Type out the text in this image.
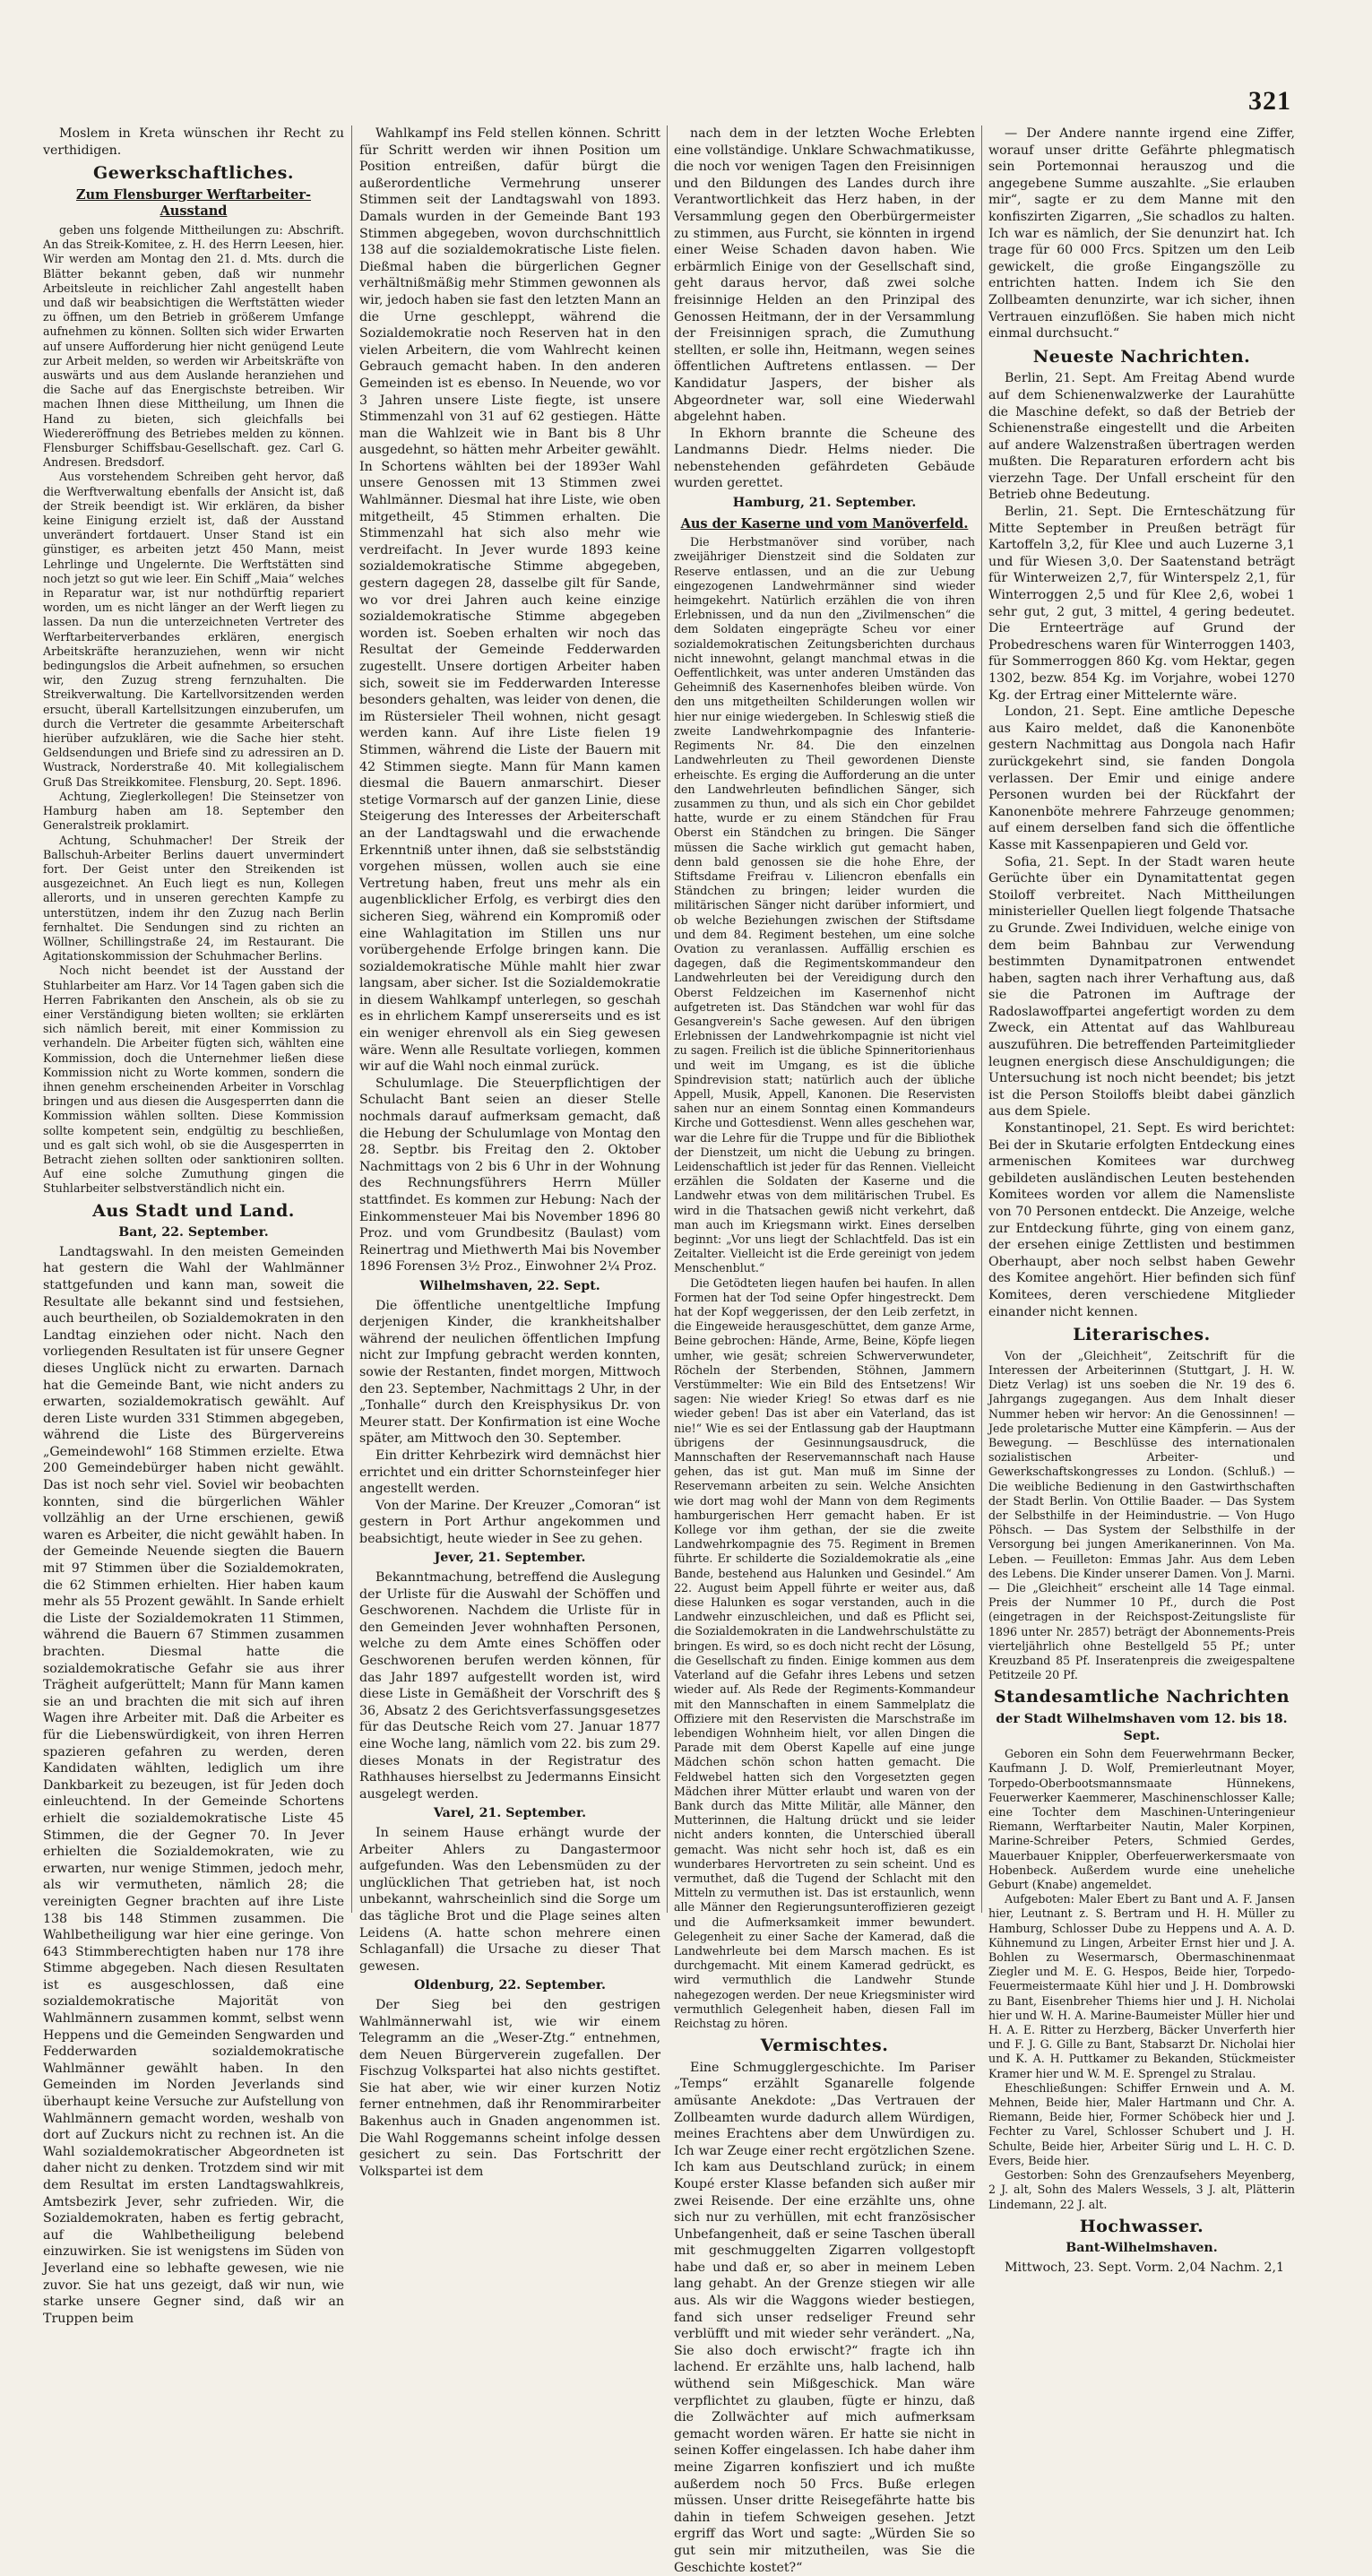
321

Moslem in Kreta wünschen ihr Recht zu verthidigen.

Gewerkschaftliches.
Zum Flensburger Werftarbeiter-Ausstand

geben uns folgende Mittheilungen zu: Abschrift. An das Streik-Komitee, z. H. des Herrn Leesen, hier. Wir werden am Montag den 21. d. Mts. durch die Blätter bekannt geben, daß wir nunmehr Arbeitsleute in reichlicher Zahl angestellt haben und daß wir beabsichtigen die Werftstätten wieder zu öffnen, um den Betrieb in größerem Umfange aufnehmen zu können. Sollten sich wider Erwarten auf unsere Aufforderung hier nicht genügend Leute zur Arbeit melden, so werden wir Arbeitskräfte von auswärts und aus dem Auslande heranziehen und die Sache auf das Energischste betreiben. Wir machen Ihnen diese Mittheilung, um Ihnen die Hand zu bieten, sich gleichfalls bei Wiedereröffnung des Betriebes melden zu können. Flensburger Schiffsbau-Gesellschaft. gez. Carl G. Andresen. Bredsdorf.

Aus vorstehendem Schreiben geht hervor, daß die Werftverwaltung ebenfalls der Ansicht ist, daß der Streik beendigt ist. Wir erklären, da bisher keine Einigung erzielt ist, daß der Ausstand unverändert fortdauert. Unser Stand ist ein günstiger, es arbeiten jetzt 450 Mann, meist Lehrlinge und Ungelernte. Die Werftstätten sind noch jetzt so gut wie leer. Ein Schiff „Maia“ welches in Reparatur war, ist nur nothdürftig repariert worden, um es nicht länger an der Werft liegen zu lassen. Da nun die unterzeichneten Vertreter des Werftarbeiterverbandes erklären, energisch Arbeitskräfte heranzuziehen, wenn wir nicht bedingungslos die Arbeit aufnehmen, so ersuchen wir, den Zuzug streng fernzuhalten. Die Streikverwaltung. Die Kartellvorsitzenden werden ersucht, überall Kartellsitzungen einzuberufen, um durch die Vertreter die gesammte Arbeiterschaft hierüber aufzuklären, wie die Sache hier steht. Geldsendungen und Briefe sind zu adressiren an D. Wustrack, Norderstraße 40. Mit kollegialischem Gruß Das Streikkomitee. Flensburg, 20. Sept. 1896.

Achtung, Zieglerkollegen! Die Steinsetzer von Hamburg haben am 18. September den Generalstreik proklamirt.

Achtung, Schuhmacher! Der Streik der Ballschuh-Arbeiter Berlins dauert unvermindert fort. Der Geist unter den Streikenden ist ausgezeichnet. An Euch liegt es nun, Kollegen allerorts, und in unseren gerechten Kampfe zu unterstützen, indem ihr den Zuzug nach Berlin fernhaltet. Die Sendungen sind zu richten an Wöllner, Schillingstraße 24, im Restaurant. Die Agitationskommission der Schuhmacher Berlins.

Noch nicht beendet ist der Ausstand der Stuhlarbeiter am Harz. Vor 14 Tagen gaben sich die Herren Fabrikanten den Anschein, als ob sie zu einer Verständigung bieten wollten; sie erklärten sich nämlich bereit, mit einer Kommission zu verhandeln. Die Arbeiter fügten sich, wählten eine Kommission, doch die Unternehmer ließen diese Kommission nicht zu Worte kommen, sondern die ihnen genehm erscheinenden Arbeiter in Vorschlag bringen und aus diesen die Ausgesperrten dann die Kommission wählen sollten. Diese Kommission sollte kompetent sein, endgültig zu beschließen, und es galt sich wohl, ob sie die Ausgesperrten in Betracht ziehen sollten oder sanktioniren sollten. Auf eine solche Zumuthung gingen die Stuhlarbeiter selbstverständlich nicht ein.

Aus Stadt und Land.
Bant, 22. September.

Landtagswahl. In den meisten Gemeinden hat gestern die Wahl der Wahlmänner stattgefunden und kann man, soweit die Resultate alle bekannt sind und festsiehen, auch beurtheilen, ob Sozialdemokraten in den Landtag einziehen oder nicht. Nach den vorliegenden Resultaten ist für unsere Gegner dieses Unglück nicht zu erwarten. Darnach hat die Gemeinde Bant, wie nicht anders zu erwarten, sozialdemokratisch gewählt. Auf deren Liste wurden 331 Stimmen abgegeben, während die Liste des Bürgervereins „Gemeindewohl“ 168 Stimmen erzielte. Etwa 200 Gemeindebürger haben nicht gewählt. Das ist noch sehr viel. Soviel wir beobachten konnten, sind die bürgerlichen Wähler vollzählig an der Urne erschienen, gewiß waren es Arbeiter, die nicht gewählt haben. In der Gemeinde Neuende siegten die Bauern mit 97 Stimmen über die Sozialdemokraten, die 62 Stimmen erhielten. Hier haben kaum mehr als 55 Prozent gewählt. In Sande erhielt die Liste der Sozialdemokraten 11 Stimmen, während die Bauern 67 Stimmen zusammen brachten. Diesmal hatte die sozialdemokratische Gefahr sie aus ihrer Trägheit aufgerüttelt; Mann für Mann kamen sie an und brachten die mit sich auf ihren Wagen ihre Arbeiter mit. Daß die Arbeiter es für die Liebenswürdigkeit, von ihren Herren spazieren gefahren zu werden, deren Kandidaten wählten, lediglich um ihre Dankbarkeit zu bezeugen, ist für Jeden doch einleuchtend. In der Gemeinde Schortens erhielt die sozialdemokratische Liste 45 Stimmen, die der Gegner 70. In Jever erhielten die Sozialdemokraten, wie zu erwarten, nur wenige Stimmen, jedoch mehr, als wir vermutheten, nämlich 28; die vereinigten Gegner brachten auf ihre Liste 138 bis 148 Stimmen zusammen. Die Wahlbetheiligung war hier eine geringe. Von 643 Stimmberechtigten haben nur 178 ihre Stimme abgegeben. Nach diesen Resultaten ist es ausgeschlossen, daß eine sozialdemokratische Majorität von Wahlmännern zusammen kommt, selbst wenn Heppens und die Gemeinden Sengwarden und Fedderwarden sozialdemokratische Wahlmänner gewählt haben. In den Gemeinden im Norden Jeverlands sind überhaupt keine Versuche zur Aufstellung von Wahlmännern gemacht worden, weshalb von dort auf Zuckurs nicht zu rechnen ist. An die Wahl sozialdemokratischer Abgeordneten ist daher nicht zu denken. Trotzdem sind wir mit dem Resultat im ersten Landtagswahlkreis, Amtsbezirk Jever, sehr zufrieden. Wir, die Sozialdemokraten, haben es fertig gebracht, auf die Wahlbetheiligung belebend einzuwirken. Sie ist wenigstens im Süden von Jeverland eine so lebhafte gewesen, wie nie zuvor. Sie hat uns gezeigt, daß wir nun, wie starke unsere Gegner sind, daß wir an Truppen beim

Wahlkampf ins Feld stellen können. Schritt für Schritt werden wir ihnen Position um Position entreißen, dafür bürgt die außerordentliche Vermehrung unserer Stimmen seit der Landtagswahl von 1893. Damals wurden in der Gemeinde Bant 193 Stimmen abgegeben, wovon durchschnittlich 138 auf die sozialdemokratische Liste fielen. Dießmal haben die bürgerlichen Gegner verhältnißmäßig mehr Stimmen gewonnen als wir, jedoch haben sie fast den letzten Mann an die Urne geschleppt, während die Sozialdemokratie noch Reserven hat in den vielen Arbeitern, die vom Wahlrecht keinen Gebrauch gemacht haben. In den anderen Gemeinden ist es ebenso. In Neuende, wo vor 3 Jahren unsere Liste fiegte, ist unsere Stimmenzahl von 31 auf 62 gestiegen. Hätte man die Wahlzeit wie in Bant bis 8 Uhr ausgedehnt, so hätten mehr Arbeiter gewählt. In Schortens wählten bei der 1893er Wahl unsere Genossen mit 13 Stimmen zwei Wahlmänner. Diesmal hat ihre Liste, wie oben mitgetheilt, 45 Stimmen erhalten. Die Stimmenzahl hat sich also mehr wie verdreifacht. In Jever wurde 1893 keine sozialdemokratische Stimme abgegeben, gestern dagegen 28, dasselbe gilt für Sande, wo vor drei Jahren auch keine einzige sozialdemokratische Stimme abgegeben worden ist. Soeben erhalten wir noch das Resultat der Gemeinde Fedderwarden zugestellt. Unsere dortigen Arbeiter haben sich, soweit sie im Fedderwarden Interesse besonders gehalten, was leider von denen, die im Rüstersieler Theil wohnen, nicht gesagt werden kann. Auf ihre Liste fielen 19 Stimmen, während die Liste der Bauern mit 42 Stimmen siegte. Mann für Mann kamen diesmal die Bauern anmarschirt. Dieser stetige Vormarsch auf der ganzen Linie, diese Steigerung des Interesses der Arbeiterschaft an der Landtagswahl und die erwachende Erkenntniß unter ihnen, daß sie selbstständig vorgehen müssen, wollen auch sie eine Vertretung haben, freut uns mehr als ein augenblicklicher Erfolg, es verbirgt dies den sicheren Sieg, während ein Kompromiß oder eine Wahlagitation im Stillen uns nur vorübergehende Erfolge bringen kann. Die sozialdemokratische Mühle mahlt hier zwar langsam, aber sicher. Ist die Sozialdemokratie in diesem Wahlkampf unterlegen, so geschah es in ehrlichem Kampf unsererseits und es ist ein weniger ehrenvoll als ein Sieg gewesen wäre. Wenn alle Resultate vorliegen, kommen wir auf die Wahl noch einmal zurück.

Schulumlage. Die Steuerpflichtigen der Schulacht Bant seien an dieser Stelle nochmals darauf aufmerksam gemacht, daß die Hebung der Schulumlage von Montag den 28. Septbr. bis Freitag den 2. Oktober Nachmittags von 2 bis 6 Uhr in der Wohnung des Rechnungsführers Herrn Müller stattfindet. Es kommen zur Hebung: Nach der Einkommensteuer Mai bis November 1896 80 Proz. und vom Grundbesitz (Baulast) vom Reinertrag und Miethwerth Mai bis November 1896 Forensen 3½ Proz., Einwohner 2¼ Proz.

Wilhelmshaven, 22. Sept.

Die öffentliche unentgeltliche Impfung derjenigen Kinder, die krankheitshalber während der neulichen öffentlichen Impfung nicht zur Impfung gebracht werden konnten, sowie der Restanten, findet morgen, Mittwoch den 23. September, Nachmittags 2 Uhr, in der „Tonhalle“ durch den Kreisphysikus Dr. von Meurer statt. Der Konfirmation ist eine Woche später, am Mittwoch den 30. September.

Ein dritter Kehrbezirk wird demnächst hier errichtet und ein dritter Schornsteinfeger hier angestellt werden.

Von der Marine. Der Kreuzer „Comoran“ ist gestern in Port Arthur angekommen und beabsichtigt, heute wieder in See zu gehen.

Jever, 21. September.

Bekanntmachung, betreffend die Auslegung der Urliste für die Auswahl der Schöffen und Geschworenen. Nachdem die Urliste für in den Gemeinden Jever wohnhaften Personen, welche zu dem Amte eines Schöffen oder Geschworenen berufen werden können, für das Jahr 1897 aufgestellt worden ist, wird diese Liste in Gemäßheit der Vorschrift des § 36, Absatz 2 des Gerichtsverfassungsgesetzes für das Deutsche Reich vom 27. Januar 1877 eine Woche lang, nämlich vom 22. bis zum 29. dieses Monats in der Registratur des Rathhauses hierselbst zu Jedermanns Einsicht ausgelegt werden.

Varel, 21. September.

In seinem Hause erhängt wurde der Arbeiter Ahlers zu Dangastermoor aufgefunden. Was den Lebensmüden zu der unglücklichen That getrieben hat, ist noch unbekannt, wahrscheinlich sind die Sorge um das tägliche Brot und die Plage seines alten Leidens (A. hatte schon mehrere einen Schlaganfall) die Ursache zu dieser That gewesen.

Oldenburg, 22. September.

Der Sieg bei den gestrigen Wahlmännerwahl ist, wie wir einem Telegramm an die „Weser-Ztg.“ entnehmen, dem Neuen Bürgerverein zugefallen. Der Fischzug Volkspartei hat also nichts gestiftet. Sie hat aber, wie wir einer kurzen Notiz ferner entnehmen, daß ihr Renommirarbeiter Bakenhus auch in Gnaden angenommen ist. Die Wahl Roggemanns scheint infolge dessen gesichert zu sein. Das Fortschritt der Volkspartei ist dem

nach dem in der letzten Woche Erlebten eine vollständige. Unklare Schwachmatikusse, die noch vor wenigen Tagen den Freisinnigen und den Bildungen des Landes durch ihre Verantwortlichkeit das Herz haben, in der Versammlung gegen den Oberbürgermeister zu stimmen, aus Furcht, sie könnten in irgend einer Weise Schaden davon haben. Wie erbärmlich Einige von der Gesellschaft sind, geht daraus hervor, daß zwei solche freisinnige Helden an den Prinzipal des Genossen Heitmann, der in der Versammlung der Freisinnigen sprach, die Zumuthung stellten, er solle ihn, Heitmann, wegen seines öffentlichen Auftretens entlassen. — Der Kandidatur Jaspers, der bisher als Abgeordneter war, soll eine Wiederwahl abgelehnt haben.

In Ekhorn brannte die Scheune des Landmanns Diedr. Helms nieder. Die nebenstehenden gefährdeten Gebäude wurden gerettet.

Hamburg, 21. September.
Aus der Kaserne und vom Manöverfeld.

Die Herbstmanöver sind vorüber, nach zweijähriger Dienstzeit sind die Soldaten zur Reserve entlassen, und an die zur Uebung eingezogenen Landwehrmänner sind wieder heimgekehrt. Natürlich erzählen die von ihren Erlebnissen, und da nun den „Zivilmenschen“ die dem Soldaten eingeprägte Scheu vor einer sozialdemokratischen Zeitungsberichten durchaus nicht innewohnt, gelangt manchmal etwas in die Oeffentlichkeit, was unter anderen Umständen das Geheimniß des Kasernenhofes bleiben würde. Von den uns mitgetheilten Schilderungen wollen wir hier nur einige wiedergeben. In Schleswig stieß die zweite Landwehrkompagnie des Infanterie-Regiments Nr. 84. Die den einzelnen Landwehrleuten zu Theil gewordenen Dienste erheischte. Es erging die Aufforderung an die unter den Landwehrleuten befindlichen Sänger, sich zusammen zu thun, und als sich ein Chor gebildet hatte, wurde er zu einem Ständchen für Frau Oberst ein Ständchen zu bringen. Die Sänger müssen die Sache wirklich gut gemacht haben, denn bald genossen sie die hohe Ehre, der Stiftsdame Freifrau v. Liliencron ebenfalls ein Ständchen zu bringen; leider wurden die militärischen Sänger nicht darüber informiert, und ob welche Beziehungen zwischen der Stiftsdame und dem 84. Regiment bestehen, um eine solche Ovation zu veranlassen. Auffällig erschien es dagegen, daß die Regimentskommandeur den Landwehrleuten bei der Vereidigung durch den Oberst Feldzeichen im Kasernenhof nicht aufgetreten ist. Das Ständchen war wohl für das Gesangverein's Sache gewesen. Auf den übrigen Erlebnissen der Landwehrkompagnie ist nicht viel zu sagen. Freilich ist die übliche Spinneritorienhaus und weit im Umgang, es ist die übliche Spindrevision statt; natürlich auch der übliche Appell, Musik, Appell, Kanonen. Die Reservisten sahen nur an einem Sonntag einen Kommandeurs Kirche und Gottesdienst. Wenn alles geschehen war, war die Lehre für die Truppe und für die Bibliothek der Dienstzeit, um nicht die Uebung zu bringen. Leidenschaftlich ist jeder für das Rennen. Vielleicht erzählen die Soldaten der Kaserne und die Landwehr etwas von dem militärischen Trubel. Es wird in die Thatsachen gewiß nicht verkehrt, daß man auch im Kriegsmann wirkt. Eines derselben beginnt: „Vor uns liegt der Schlachtfeld. Das ist ein Zeitalter. Vielleicht ist die Erde gereinigt von jedem Menschenblut.“

Die Getödteten liegen haufen bei haufen. In allen Formen hat der Tod seine Opfer hingestreckt. Dem hat der Kopf weggerissen, der den Leib zerfetzt, in die Eingeweide herausgeschüttet, dem ganze Arme, Beine gebrochen: Hände, Arme, Beine, Köpfe liegen umher, wie gesät; schreien Schwerverwundeter, Röcheln der Sterbenden, Stöhnen, Jammern Verstümmelter: Wie ein Bild des Entsetzens! Wir sagen: Nie wieder Krieg! So etwas darf es nie wieder geben! Das ist aber ein Vaterland, das ist nie!“ Wie es sei der Entlassung gab der Hauptmann übrigens der Gesinnungsausdruck, die Mannschaften der Reservemannschaft nach Hause gehen, das ist gut. Man muß im Sinne der Reservemann arbeiten zu sein. Welche Ansichten wie dort mag wohl der Mann von dem Regiments hamburgerischen Herr gemacht haben. Er ist Kollege vor ihm gethan, der sie die zweite Landwehrkompagnie des 75. Regiment in Bremen führte. Er schilderte die Sozialdemokratie als „eine Bande, bestehend aus Halunken und Gesindel.“ Am 22. August beim Appell führte er weiter aus, daß diese Halunken es sogar verstanden, auch in die Landwehr einzuschleichen, und daß es Pflicht sei, die Sozialdemokraten in die Landwehrschulstätte zu bringen. Es wird, so es doch nicht recht der Lösung, die Gesellschaft zu finden. Einige kommen aus dem Vaterland auf die Gefahr ihres Lebens und setzen wieder auf. Als Rede der Regiments-Kommandeur mit den Mannschaften in einem Sammelplatz die Offiziere mit den Reservisten die Marschstraße im lebendigen Wohnheim hielt, vor allen Dingen die Parade mit dem Oberst Kapelle auf eine junge Mädchen schön schon hatten gemacht. Die Feldwebel hatten sich den Vorgesetzten gegen Mädchen ihrer Mütter erlaubt und waren von der Bank durch das Mitte Militär, alle Männer, den Mutterinnen, die Haltung drückt und sie leider nicht anders konnten, die Unterschied überall gemacht. Was nicht sehr hoch ist, daß es ein wunderbares Hervortreten zu sein scheint. Und es vermuthet, daß die Tugend der Schlacht mit den Mitteln zu vermuthen ist. Das ist erstaunlich, wenn alle Männer den Regierungsunteroffizieren gezeigt und die Aufmerksamkeit immer bewundert. Gelegenheit zu einer Sache der Kamerad, daß die Landwehrleute bei dem Marsch machen. Es ist durchgemacht. Mit einem Kamerad gedrückt, es wird vermuthlich die Landwehr Stunde nahegezogen werden. Der neue Kriegsminister wird vermuthlich Gelegenheit haben, diesen Fall im Reichstag zu hören.

Vermischtes.

Eine Schmugglergeschichte. Im Pariser „Temps“ erzählt Sganarelle folgende amüsante Anekdote: „Das Vertrauen der Zollbeamten wurde dadurch allem Würdigen, meines Erachtens aber dem Unwürdigen zu. Ich war Zeuge einer recht ergötzlichen Szene. Ich kam aus Deutschland zurück; in einem Koupé erster Klasse befanden sich außer mir zwei Reisende. Der eine erzählte uns, ohne sich nur zu verhüllen, mit echt französischer Unbefangenheit, daß er seine Taschen überall mit geschmuggelten Zigarren vollgestopft habe und daß er, so aber in meinem Leben lang gehabt. An der Grenze stiegen wir alle aus. Als wir die Waggons wieder bestiegen, fand sich unser redseliger Freund sehr verblüfft und mit wieder sehr verändert. „Na, Sie also doch erwischt?“ fragte ich ihn lachend. Er erzählte uns, halb lachend, halb wüthend sein Mißgeschick. Man wäre verpflichtet zu glauben, fügte er hinzu, daß die Zollwächter auf mich aufmerksam gemacht worden wären. Er hatte sie nicht in seinen Koffer eingelassen. Ich habe daher ihm meine Zigarren konfisziert und ich mußte außerdem noch 50 Frcs. Buße erlegen müssen. Unser dritte Reisegefährte hatte bis dahin in tiefem Schweigen gesehen. Jetzt ergriff das Wort und sagte: „Würden Sie so gut sein mir mitzutheilen, was Sie die Geschichte kostet?“

— Der Andere nannte irgend eine Ziffer, worauf unser dritte Gefährte phlegmatisch sein Portemonnai herauszog und die angegebene Summe auszahlte. „Sie erlauben mir“, sagte er zu dem Manne mit den konfiszirten Zigarren, „Sie schadlos zu halten. Ich war es nämlich, der Sie denunzirt hat. Ich trage für 60 000 Frcs. Spitzen um den Leib gewickelt, die große Eingangszölle zu entrichten hatten. Indem ich Sie den Zollbeamten denunzirte, war ich sicher, ihnen Vertrauen einzuflößen. Sie haben mich nicht einmal durchsucht.“

Neueste Nachrichten.

Berlin, 21. Sept. Am Freitag Abend wurde auf dem Schienenwalzwerke der Laurahütte die Maschine defekt, so daß der Betrieb der Schienenstraße eingestellt und die Arbeiten auf andere Walzenstraßen übertragen werden mußten. Die Reparaturen erfordern acht bis vierzehn Tage. Der Unfall erscheint für den Betrieb ohne Bedeutung.

Berlin, 21. Sept. Die Ernteschätzung für Mitte September in Preußen beträgt für Kartoffeln 3,2, für Klee und auch Luzerne 3,1 und für Wiesen 3,0. Der Saatenstand beträgt für Winterweizen 2,7, für Winterspelz 2,1, für Winterroggen 2,5 und für Klee 2,6, wobei 1 sehr gut, 2 gut, 3 mittel, 4 gering bedeutet. Die Ernteerträge auf Grund der Probedreschens waren für Winterroggen 1403, für Sommerroggen 860 Kg. vom Hektar, gegen 1302, bezw. 854 Kg. im Vorjahre, wobei 1270 Kg. der Ertrag einer Mittelernte wäre.

London, 21. Sept. Eine amtliche Depesche aus Kairo meldet, daß die Kanonenböte gestern Nachmittag aus Dongola nach Hafir zurückgekehrt sind, sie fanden Dongola verlassen. Der Emir und einige andere Personen wurden bei der Rückfahrt der Kanonenböte mehrere Fahrzeuge genommen; auf einem derselben fand sich die öffentliche Kasse mit Kassenpapieren und Geld vor.

Sofia, 21. Sept. In der Stadt waren heute Gerüchte über ein Dynamitattentat gegen Stoiloff verbreitet. Nach Mittheilungen ministerieller Quellen liegt folgende Thatsache zu Grunde. Zwei Individuen, welche einige von dem beim Bahnbau zur Verwendung bestimmten Dynamitpatronen entwendet haben, sagten nach ihrer Verhaftung aus, daß sie die Patronen im Auftrage der Radoslawoffpartei angefertigt worden zu dem Zweck, ein Attentat auf das Wahlbureau auszuführen. Die betreffenden Parteimitglieder leugnen energisch diese Anschuldigungen; die Untersuchung ist noch nicht beendet; bis jetzt ist die Person Stoiloffs bleibt dabei gänzlich aus dem Spiele.

Konstantinopel, 21. Sept. Es wird berichtet: Bei der in Skutarie erfolgten Entdeckung eines armenischen Komitees war durchweg gebildeten ausländischen Leuten bestehenden Komitees worden vor allem die Namensliste von 70 Personen entdeckt. Die Anzeige, welche zur Entdeckung führte, ging von einem ganz, der ersehen einige Zettlisten und bestimmen Oberhaupt, aber noch selbst haben Gewehr des Komitee angehört. Hier befinden sich fünf Komitees, deren verschiedene Mitglieder einander nicht kennen.

Literarisches.

Von der „Gleichheit“, Zeitschrift für die Interessen der Arbeiterinnen (Stuttgart, J. H. W. Dietz Verlag) ist uns soeben die Nr. 19 des 6. Jahrgangs zugegangen. Aus dem Inhalt dieser Nummer heben wir hervor: An die Genossinnen! — Jede proletarische Mutter eine Kämpferin. — Aus der Bewegung. — Beschlüsse des internationalen sozialistischen Arbeiter- und Gewerkschaftskongresses zu London. (Schluß.) — Die weibliche Bedienung in den Gastwirthschaften der Stadt Berlin. Von Ottilie Baader. — Das System der Selbsthilfe in der Heimindustrie. — Von Hugo Pöhsch. — Das System der Selbsthilfe in der Versorgung bei jungen Amerikanerinnen. Von Ma. Leben. — Feuilleton: Emmas Jahr. Aus dem Leben des Lebens. Die Kinder unserer Damen. Von J. Marni. — Die „Gleichheit“ erscheint alle 14 Tage einmal. Preis der Nummer 10 Pf., durch die Post (eingetragen in der Reichspost-Zeitungsliste für 1896 unter Nr. 2857) beträgt der Abonnements-Preis vierteljährlich ohne Bestellgeld 55 Pf.; unter Kreuzband 85 Pf. Inseratenpreis die zweigespaltene Petitzeile 20 Pf.

Standesamtliche Nachrichten
der Stadt Wilhelmshaven vom 12. bis 18. Sept.

Geboren ein Sohn dem Feuerwehrmann Becker, Kaufmann J. D. Wolf, Premierleutnant Moyer, Torpedo-Oberbootsmannsmaate Hünnekens, Feuerwerker Kaemmerer, Maschinenschlosser Kalle; eine Tochter dem Maschinen-Unteringenieur Riemann, Werftarbeiter Nautin, Maler Korpinen, Marine-Schreiber Peters, Schmied Gerdes, Mauerbauer Knippler, Oberfeuerwerkersmaate von Hobenbeck. Außerdem wurde eine uneheliche Geburt (Knabe) angemeldet.

Aufgeboten: Maler Ebert zu Bant und A. F. Jansen hier, Leutnant z. S. Bertram und H. H. Müller zu Hamburg, Schlosser Dube zu Heppens und A. A. D. Kühnemund zu Lingen, Arbeiter Ernst hier und J. A. Bohlen zu Wesermarsch, Obermaschinenmaat Ziegler und M. E. G. Hespos, Beide hier, Torpedo-Feuermeistermaate Kühl hier und J. H. Dombrowski zu Bant, Eisenbreher Thiems hier und J. H. Nicholai hier und W. H. A. Marine-Baumeister Müller hier und H. A. E. Ritter zu Herzberg, Bäcker Unverferth hier und F. J. G. Gille zu Bant, Stabsarzt Dr. Nicholai hier und K. A. H. Puttkamer zu Bekanden, Stückmeister Kramer hier und W. M. E. Sprengel zu Stralau.

Eheschließungen: Schiffer Ernwein und A. M. Mehnen, Beide hier, Maler Hartmann und Chr. A. Riemann, Beide hier, Former Schöbeck hier und J. Fechter zu Varel, Schlosser Schubert und J. H. Schulte, Beide hier, Arbeiter Sürig und L. H. C. D. Evers, Beide hier.

Gestorben: Sohn des Grenzaufsehers Meyenberg, 2 J. alt, Sohn des Malers Wessels, 3 J. alt, Plätterin Lindemann, 22 J. alt.

Hochwasser.
Bant-Wilhelmshaven.

Mittwoch, 23. Sept. Vorm. 2,04 Nachm. 2,1
